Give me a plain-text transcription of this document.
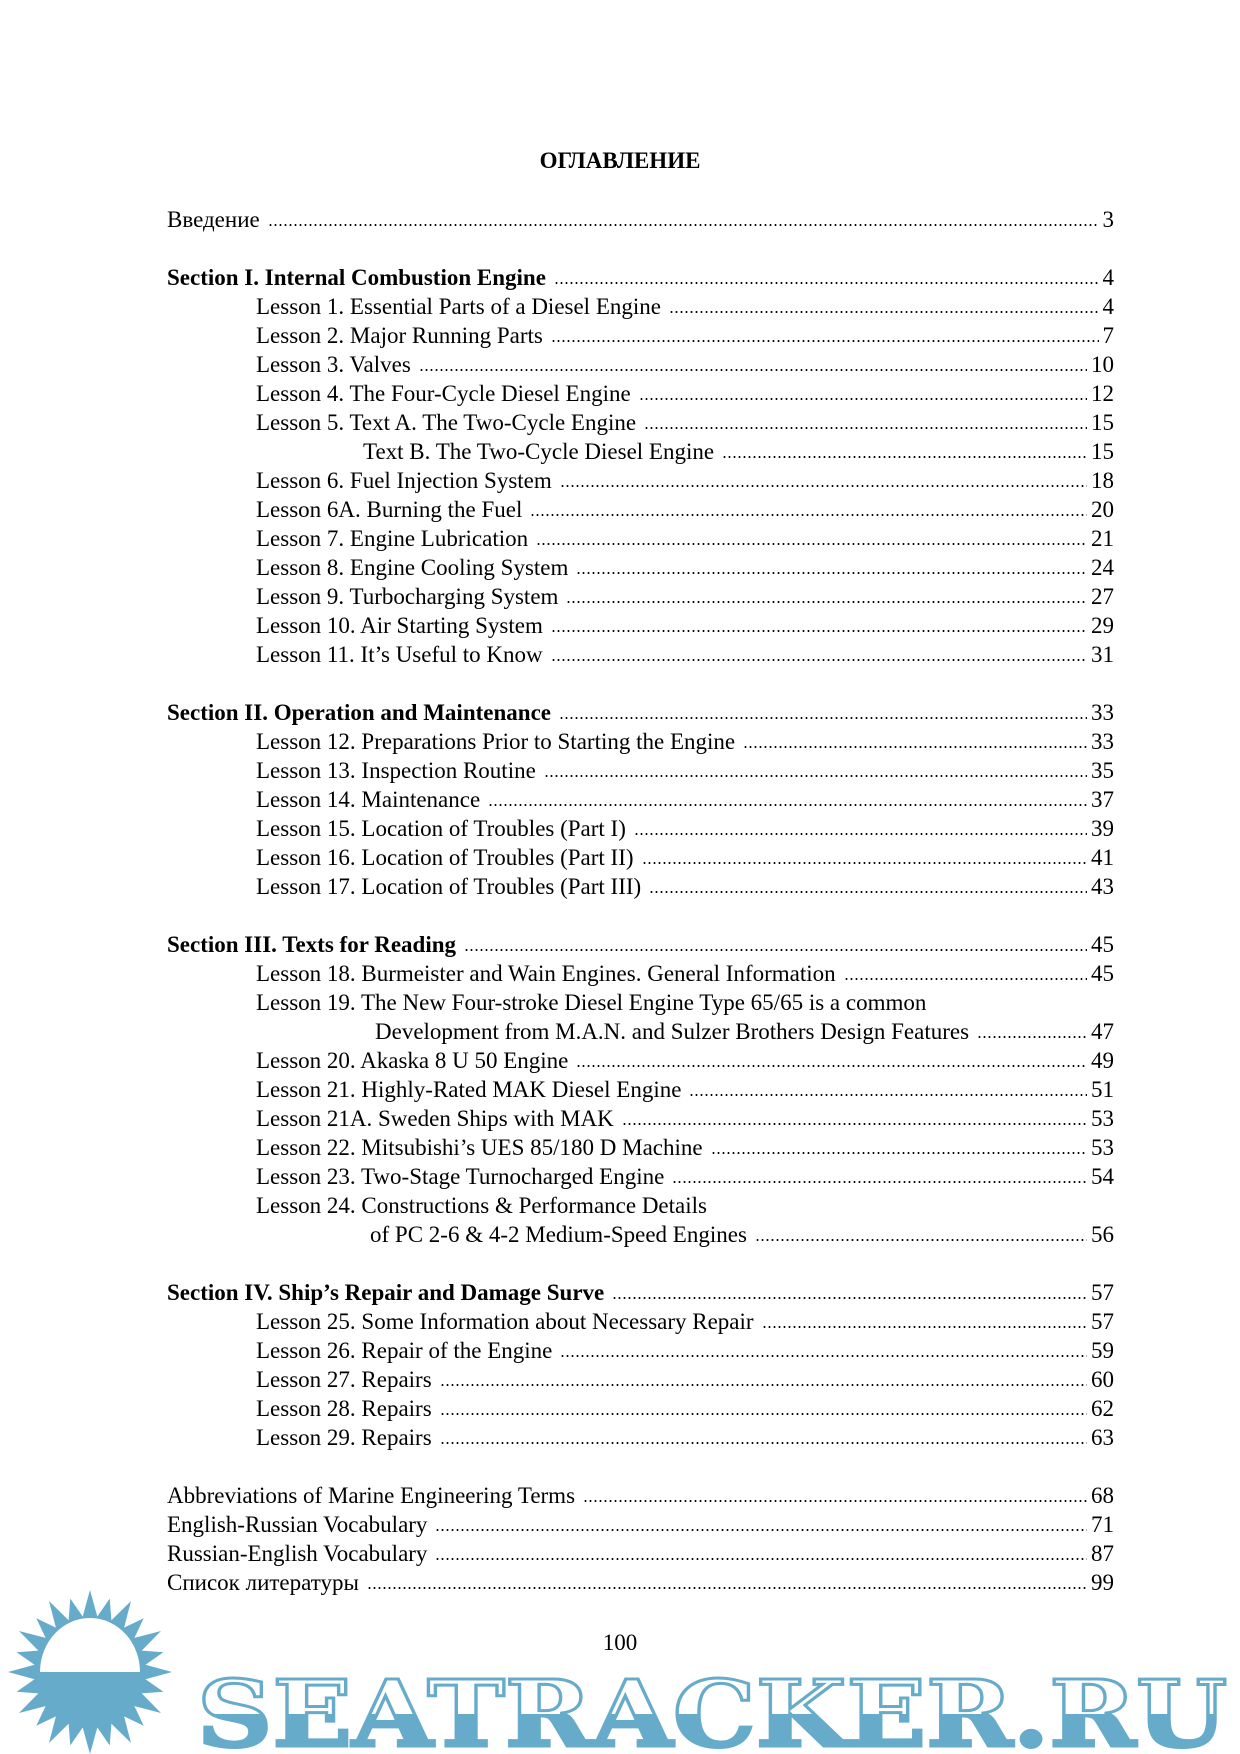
ОГЛАВЛЕНИЕ
Введение	3
Section I. Internal Combustion Engine	4
Lesson 1. Essential Parts of a Diesel Engine	4
Lesson 2. Major Running Parts	7
Lesson 3. Valves	10
Lesson 4. The Four-Cycle Diesel Engine	12
Lesson 5. Text A. The Two-Cycle Engine	15
Text B. The Two-Cycle Diesel Engine	15
Lesson 6. Fuel Injection System	18
Lesson 6A. Burning the Fuel	20
Lesson 7. Engine Lubrication	21
Lesson 8. Engine Cooling System	24
Lesson 9. Turbocharging System	27
Lesson 10. Air Starting System	29
Lesson 11. It’s Useful to Know	31
Section II. Operation and Maintenance	33
Lesson 12. Preparations Prior to Starting the Engine	33
Lesson 13. Inspection Routine	35
Lesson 14. Maintenance	37
Lesson 15. Location of Troubles (Part I)	39
Lesson 16. Location of Troubles (Part II)	41
Lesson 17. Location of Troubles (Part III)	43
Section III. Texts for Reading	45
Lesson 18. Burmeister and Wain Engines. General Information	45
Lesson 19. The New Four-stroke Diesel Engine Type 65/65 is a common
Development from M.A.N. and Sulzer Brothers Design Features	47
Lesson 20. Akaska 8 U 50 Engine	49
Lesson 21. Highly-Rated MAK Diesel Engine	51
Lesson 21A. Sweden Ships with MAK	53
Lesson 22. Mitsubishi’s UES 85/180 D Machine	53
Lesson 23. Two-Stage Turnocharged Engine	54
Lesson 24. Constructions & Performance Details
of PC 2-6 & 4-2 Medium-Speed Engines	56
Section IV. Ship’s Repair and Damage Surve	57
Lesson 25. Some Information about Necessary Repair	57
Lesson 26. Repair of the Engine	59
Lesson 27. Repairs	60
Lesson 28. Repairs	62
Lesson 29. Repairs	63
Abbreviations of Marine Engineering Terms	68
English-Russian Vocabulary	71
Russian-English Vocabulary	87
Список литературы	99
SEATRACKER.RU
100
